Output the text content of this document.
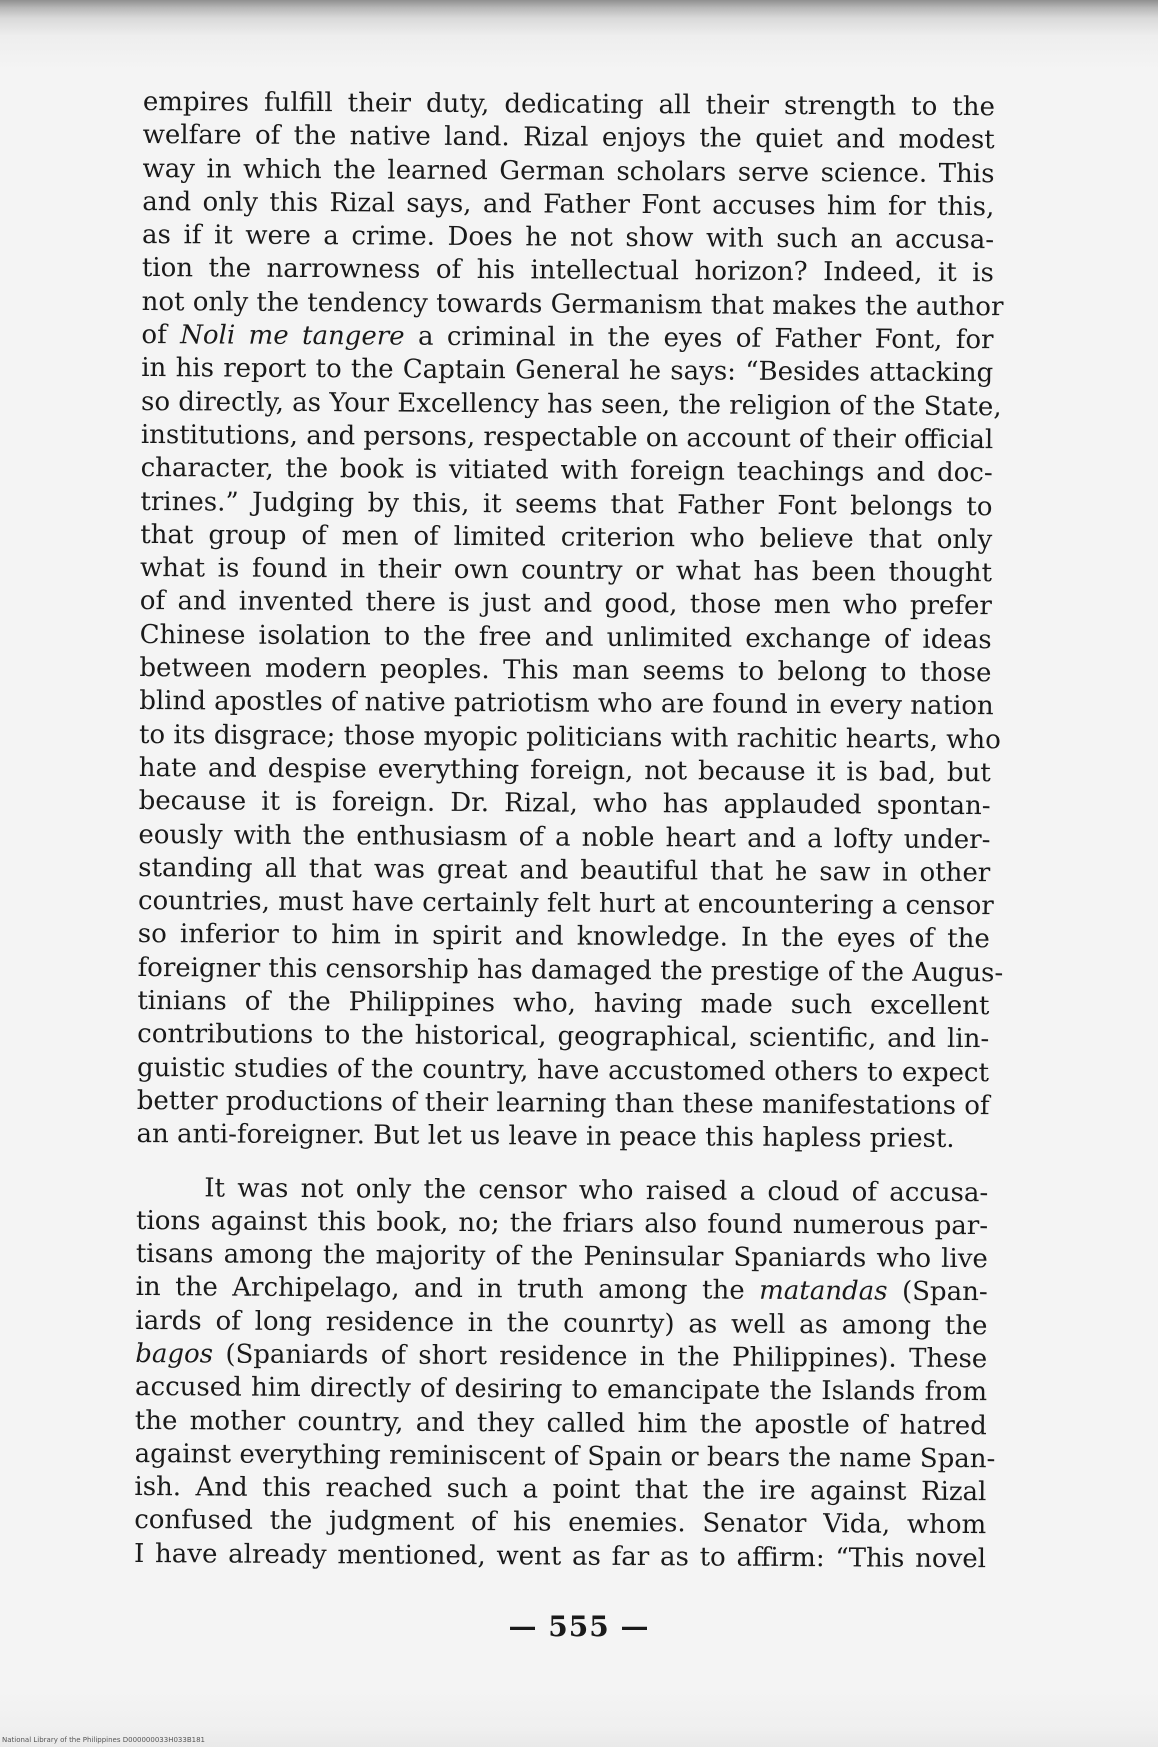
empires fulfill their duty, dedicating all their strength to the
welfare of the native land. Rizal enjoys the quiet and modest
way in which the learned German scholars serve science. This
and only this Rizal says, and Father Font accuses him for this,
as if it were a crime. Does he not show with such an accusa-
tion the narrowness of his intellectual horizon? Indeed, it is
not only the tendency towards Germanism that makes the author
of Noli me tangere a criminal in the eyes of Father Font, for
in his report to the Captain General he says: “Besides attacking
so directly, as Your Excellency has seen, the religion of the State,
institutions, and persons, respectable on account of their official
character, the book is vitiated with foreign teachings and doc-
trines.” Judging by this, it seems that Father Font belongs to
that group of men of limited criterion who believe that only
what is found in their own country or what has been thought
of and invented there is just and good, those men who prefer
Chinese isolation to the free and unlimited exchange of ideas
between modern peoples. This man seems to belong to those
blind apostles of native patriotism who are found in every nation
to its disgrace; those myopic politicians with rachitic hearts, who
hate and despise everything foreign, not because it is bad, but
because it is foreign. Dr. Rizal, who has applauded spontan-
eously with the enthusiasm of a noble heart and a lofty under-
standing all that was great and beautiful that he saw in other
countries, must have certainly felt hurt at encountering a censor
so inferior to him in spirit and knowledge. In the eyes of the
foreigner this censorship has damaged the prestige of the Augus-
tinians of the Philippines who, having made such excellent
contributions to the historical, geographical, scientific, and lin-
guistic studies of the country, have accustomed others to expect
better productions of their learning than these manifestations of
an anti-foreigner. But let us leave in peace this hapless priest.
It was not only the censor who raised a cloud of accusa-
tions against this book, no; the friars also found numerous par-
tisans among the majority of the Peninsular Spaniards who live
in the Archipelago, and in truth among the matandas (Span-
iards of long residence in the counrty) as well as among the
bagos (Spaniards of short residence in the Philippines). These
accused him directly of desiring to emancipate the Islands from
the mother country, and they called him the apostle of hatred
against everything reminiscent of Spain or bears the name Span-
ish. And this reached such a point that the ire against Rizal
confused the judgment of his enemies. Senator Vida, whom
I have already mentioned, went as far as to affirm: “This novel
— 555 —
National Library of the Philippines D000000033H033B181
